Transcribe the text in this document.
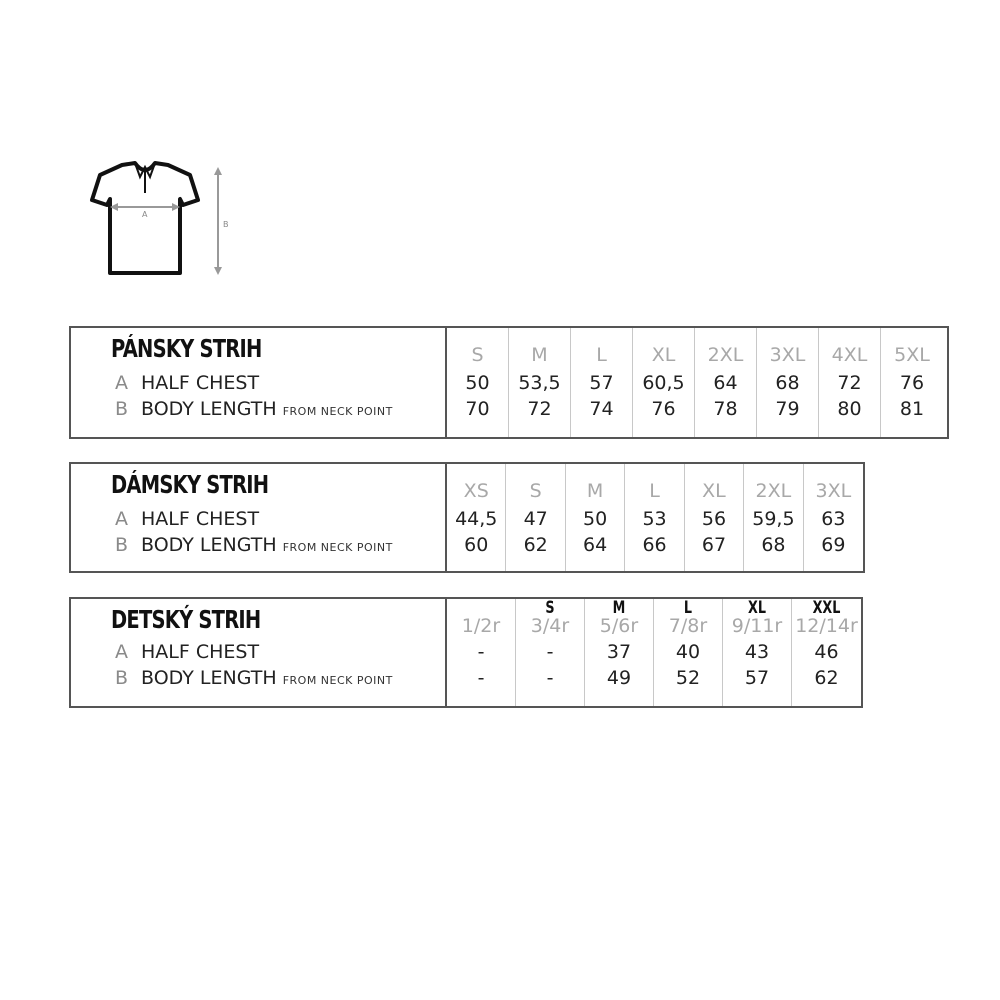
A
B
PÁNSKY STRIH
A HALF CHEST
B BODY LENGTH FROM NECK POINT
S
50
70
M
53,5
72
L
57
74
XL
60,5
76
2XL
64
78
3XL
68
79
4XL
72
80
5XL
76
81
DÁMSKY STRIH
A HALF CHEST
B BODY LENGTH FROM NECK POINT
XS
44,5
60
S
47
62
M
50
64
L
53
66
XL
56
67
2XL
59,5
68
3XL
63
69
DETSKÝ STRIH
A HALF CHEST
B BODY LENGTH FROM NECK POINT
1/2r
-
-
S
3/4r
-
-
M
5/6r
37
49
L
7/8r
40
52
XL
9/11r
43
57
XXL
12/14r
46
62
